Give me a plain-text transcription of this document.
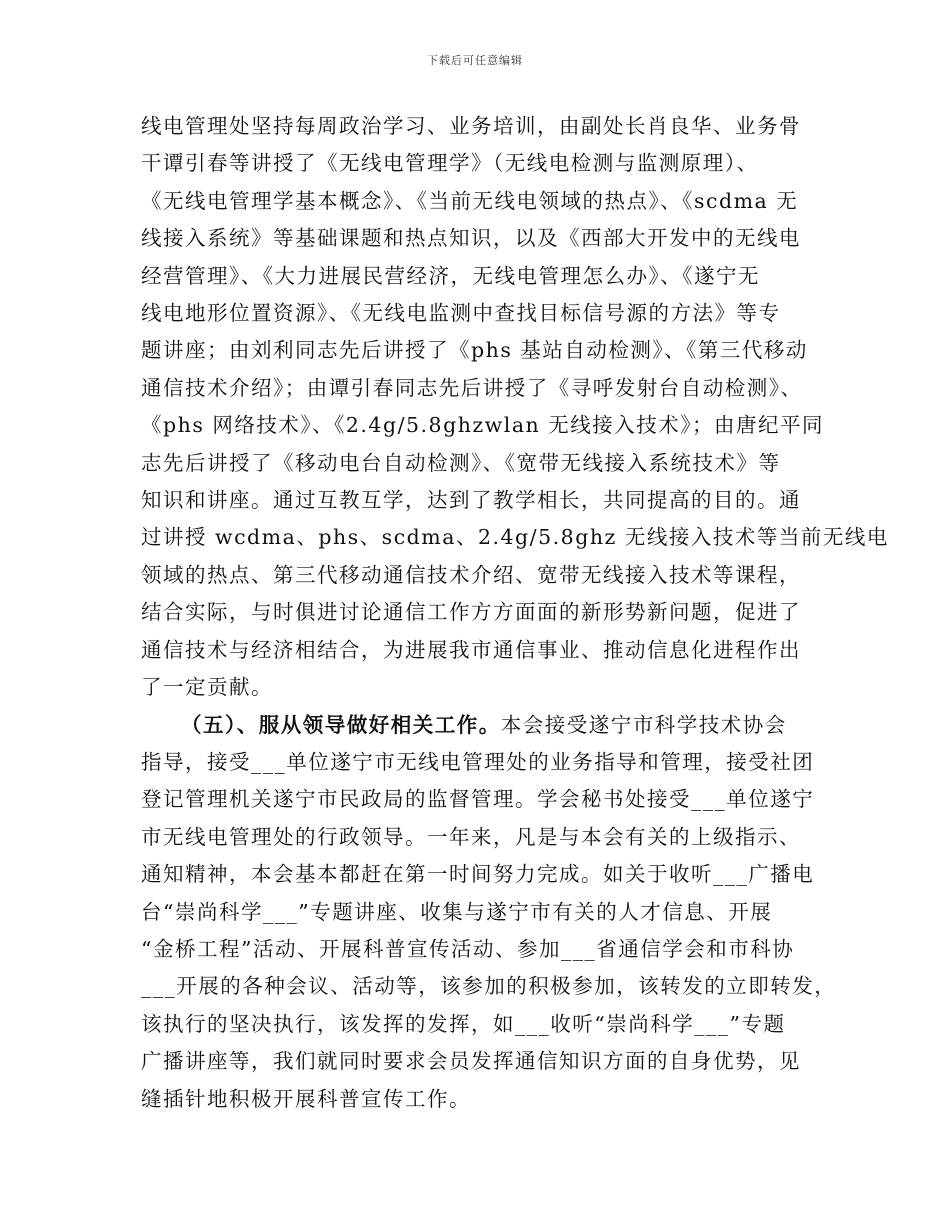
下载后可任意编辑
线电管理处坚持每周政治学习、业务培训，由副处长肖良华、业务骨
干谭引春等讲授了《无线电管理学》（无线电检测与监测原理）、
《无线电管理学基本概念》、《当前无线电领域的热点》、《scdma 无
线接入系统》等基础课题和热点知识，以及《西部大开发中的无线电
经营管理》、《大力进展民营经济，无线电管理怎么办》、《遂宁无
线电地形位置资源》、《无线电监测中查找目标信号源的方法》等专
题讲座；由刘利同志先后讲授了《phs 基站自动检测》、《第三代移动
通信技术介绍》；由谭引春同志先后讲授了《寻呼发射台自动检测》、
《phs 网络技术》、《2.4g/5.8ghzwlan 无线接入技术》；由唐纪平同
志先后讲授了《移动电台自动检测》、《宽带无线接入系统技术》等
知识和讲座。通过互教互学，达到了教学相长，共同提高的目的。通
过讲授 wcdma、phs、scdma、2.4g/5.8ghz 无线接入技术等当前无线电
领域的热点、第三代移动通信技术介绍、宽带无线接入技术等课程，
结合实际，与时俱进讨论通信工作方方面面的新形势新问题，促进了
通信技术与经济相结合，为进展我市通信事业、推动信息化进程作出
了一定贡献。
（五）、服从领导做好相关工作。本会接受遂宁市科学技术协会
指导，接受___单位遂宁市无线电管理处的业务指导和管理，接受社团
登记管理机关遂宁市民政局的监督管理。学会秘书处接受___单位遂宁
市无线电管理处的行政领导。一年来，凡是与本会有关的上级指示、
通知精神，本会基本都赶在第一时间努力完成。如关于收听___广播电
台“崇尚科学___”专题讲座、收集与遂宁市有关的人才信息、开展
“金桥工程”活动、开展科普宣传活动、参加___省通信学会和市科协
___开展的各种会议、活动等，该参加的积极参加，该转发的立即转发，
该执行的坚决执行，该发挥的发挥，如___收听“崇尚科学___”专题
广播讲座等，我们就同时要求会员发挥通信知识方面的自身优势，见
缝插针地积极开展科普宣传工作。
